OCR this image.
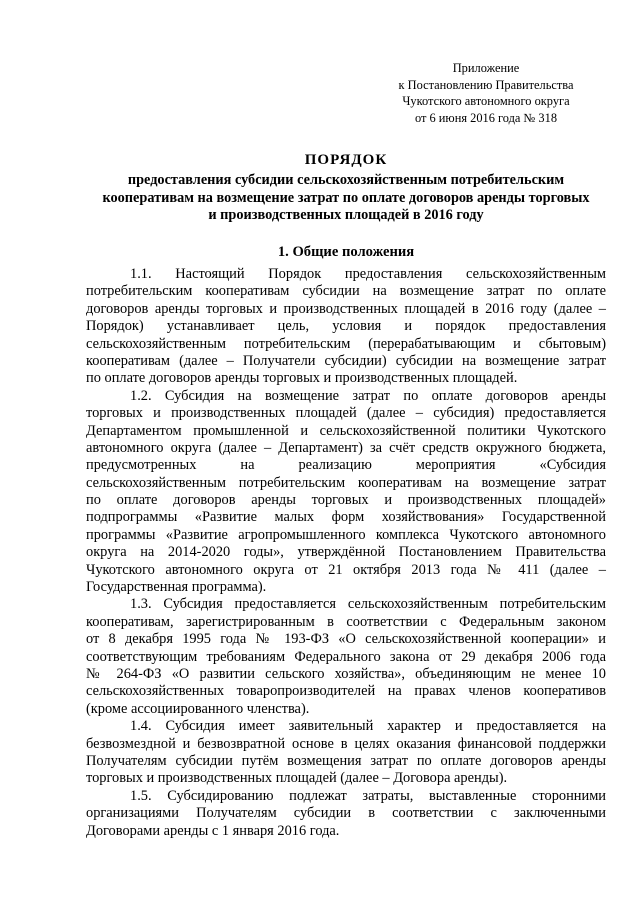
Приложение
к Постановлению Правительства
Чукотского автономного округа
от 6 июня 2016 года № 318
ПОРЯДОК
предоставления субсидии сельскохозяйственным потребительским
кооперативам на возмещение затрат по оплате договоров аренды торговых
и производственных площадей в 2016 году
1. Общие положения
1.1. Настоящий Порядок предоставления сельскохозяйственным
потребительским кооперативам субсидии на возмещение затрат по оплате
договоров аренды торговых и производственных площадей в 2016 году (далее –
Порядок) устанавливает цель, условия и порядок предоставления
сельскохозяйственным потребительским (перерабатывающим и сбытовым)
кооперативам (далее – Получатели субсидии) субсидии на возмещение затрат
по оплате договоров аренды торговых и производственных площадей.
1.2. Субсидия на возмещение затрат по оплате договоров аренды
торговых и производственных площадей (далее – субсидия) предоставляется
Департаментом промышленной и сельскохозяйственной политики Чукотского
автономного округа (далее – Департамент) за счёт средств окружного бюджета,
предусмотренных на реализацию мероприятия «Субсидия
сельскохозяйственным потребительским кооперативам на возмещение затрат
по оплате договоров аренды торговых и производственных площадей»
подпрограммы «Развитие малых форм хозяйствования» Государственной
программы «Развитие агропромышленного комплекса Чукотского автономного
округа на 2014-2020 годы», утверждённой Постановлением Правительства
Чукотского автономного округа от 21 октября 2013 года № 411 (далее –
Государственная программа).
1.3. Субсидия предоставляется сельскохозяйственным потребительским
кооперативам, зарегистрированным в соответствии с Федеральным законом
от 8 декабря 1995 года № 193-ФЗ «О сельскохозяйственной кооперации» и
соответствующим требованиям Федерального закона от 29 декабря 2006 года
№ 264-ФЗ «О развитии сельского хозяйства», объединяющим не менее 10
сельскохозяйственных товаропроизводителей на правах членов кооперативов
(кроме ассоциированного членства).
1.4. Субсидия имеет заявительный характер и предоставляется на
безвозмездной и безвозвратной основе в целях оказания финансовой поддержки
Получателям субсидии путём возмещения затрат по оплате договоров аренды
торговых и производственных площадей (далее – Договора аренды).
1.5. Субсидированию подлежат затраты, выставленные сторонними
организациями Получателям субсидии в соответствии с заключенными
Договорами аренды с 1 января 2016 года.
